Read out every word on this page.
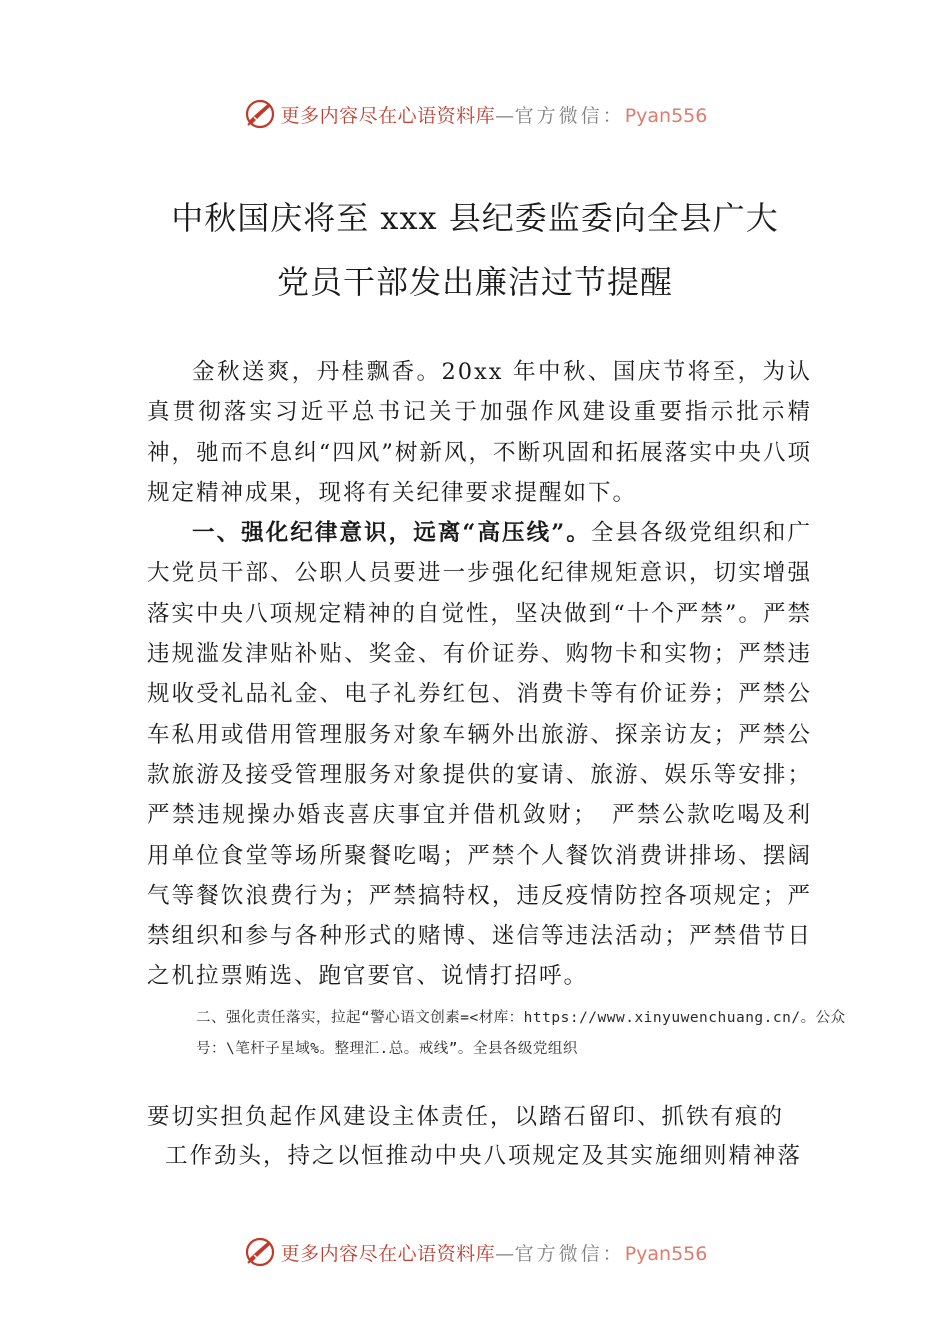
更多内容尽在心语资料库—官方微信：Pyan556
中秋国庆将至 xxx 县纪委监委向全县广大
党员干部发出廉洁过节提醒

金秋送爽，丹桂飘香。20xx 年中秋、国庆节将至，为认真贯彻落实习近平总书记关于加强作风建设重要指示批示精神，驰而不息纠“四风”树新风，不断巩固和拓展落实中央八项规定精神成果，现将有关纪律要求提醒如下。

一、强化纪律意识，远离“高压线”。全县各级党组织和广大党员干部、公职人员要进一步强化纪律规矩意识，切实增强落实中央八项规定精神的自觉性，坚决做到“十个严禁”。严禁违规滥发津贴补贴、奖金、有价证券、购物卡和实物；严禁违规收受礼品礼金、电子礼券红包、消费卡等有价证券；严禁公车私用或借用管理服务对象车辆外出旅游、探亲访友；严禁公款旅游及接受管理服务对象提供的宴请、旅游、娱乐等安排；严禁违规操办婚丧喜庆事宜并借机敛财；　严禁公款吃喝及利用单位食堂等场所聚餐吃喝；严禁个人餐饮消费讲排场、摆阔气等餐饮浪费行为；严禁搞特权，违反疫情防控各项规定；严禁组织和参与各种形式的赌博、迷信等违法活动；严禁借节日之机拉票贿选、跑官要官、说情打招呼。

二、强化责任落实，拉起“警心语文创素=<材库：https://www.xinyuwenchuang.cn/。公众号：\笔杆子星域%。整理汇.总。戒线”。全县各级党组织

要切实担负起作风建设主体责任，以踏石留印、抓铁有痕的

工作劲头，持之以恒推动中央八项规定及其实施细则精神落

更多内容尽在心语资料库—官方微信：Pyan556
